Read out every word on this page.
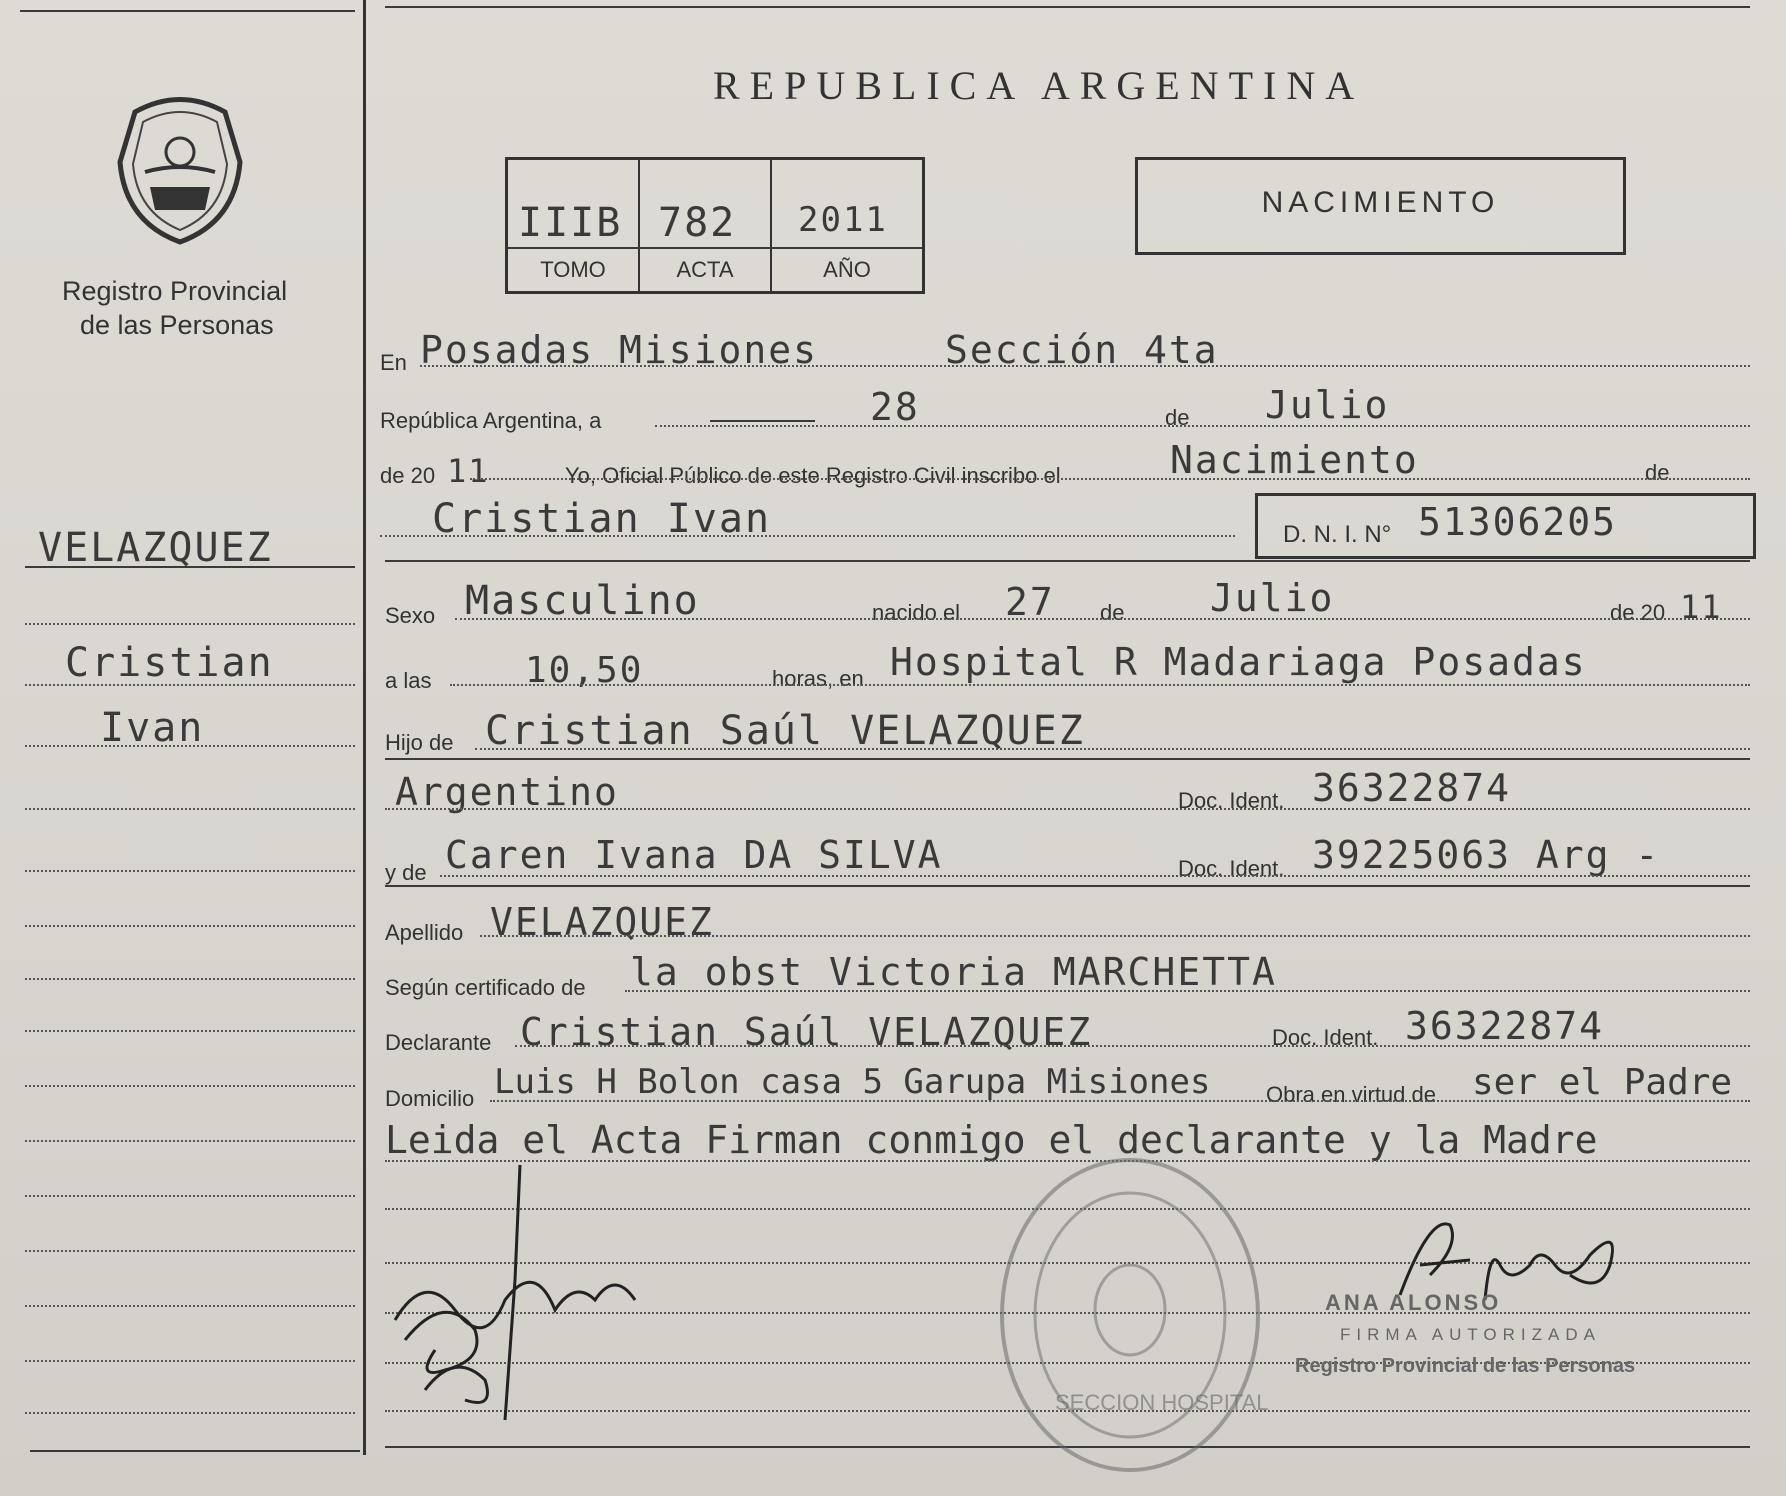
Registro Provincial
de las Personas
VELAZQUEZ
Cristian
Ivan
REPUBLICA ARGENTINA
IIIB 782 2011
TOMO	ACTA	AÑO
NACIMIENTO
En Posadas Misiones	Sección 4ta
República Argentina, a	28	de Julio
de 20 11	Yo, Oficial Público de este Registro Civil inscribo el	Nacimiento	de
Cristian Ivan	D. N. I. N° 51306205
Sexo Masculino	nacido el 27 de Julio	de 20 11
a las	10,50	horas, en Hospital R Madariaga Posadas
Hijo de Cristian Saúl VELAZQUEZ
Argentino	Doc. Ident. 36322874
y de Caren Ivana DA SILVA	Doc. Ident. 39225063 Arg -
Apellido VELAZQUEZ
Según certificado de la obst Victoria MARCHETTA
Declarante Cristian Saúl VELAZQUEZ	Doc. Ident. 36322874
Domicilio Luis H Bolon casa 5 Garupa Misiones	Obra en virtud de ser el Padre
Leida el Acta Firman conmigo el declarante y la Madre
SECCION HOSPITAL
ANA ALONSO
FIRMA AUTORIZADA
Registro Provincial de las Personas
